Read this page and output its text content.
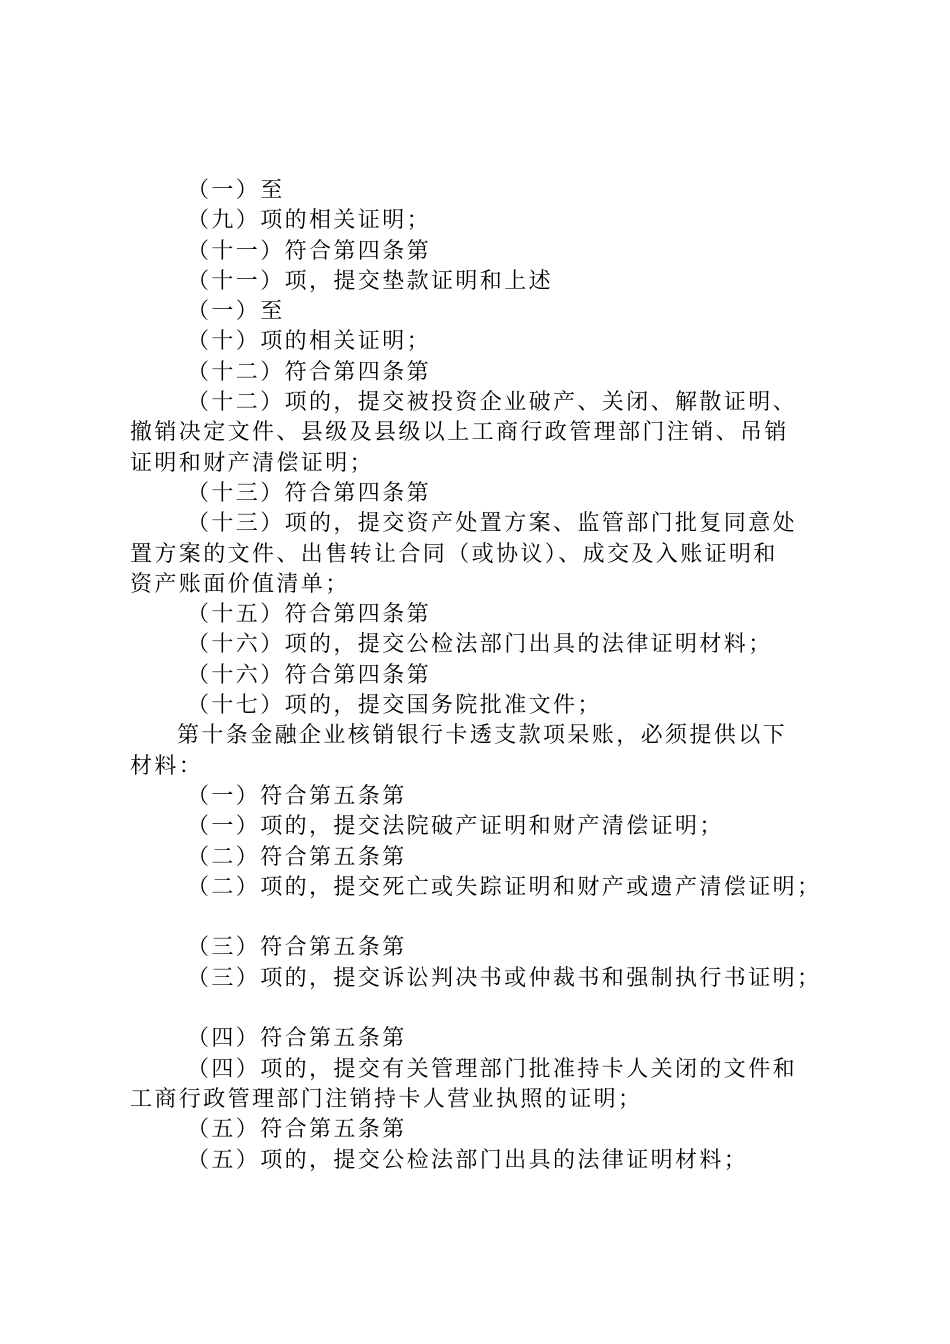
（一）至
（九）项的相关证明；
（十一）符合第四条第
（十一）项，提交垫款证明和上述
（一）至
（十）项的相关证明；
（十二）符合第四条第
（十二）项的，提交被投资企业破产、关闭、解散证明、
撤销决定文件、县级及县级以上工商行政管理部门注销、吊销
证明和财产清偿证明；
（十三）符合第四条第
（十三）项的，提交资产处置方案、监管部门批复同意处
置方案的文件、出售转让合同（或协议）、成交及入账证明和
资产账面价值清单；
（十五）符合第四条第
（十六）项的，提交公检法部门出具的法律证明材料；
（十六）符合第四条第
（十七）项的，提交国务院批准文件；
第十条金融企业核销银行卡透支款项呆账，必须提供以下
材料：
（一）符合第五条第
（一）项的，提交法院破产证明和财产清偿证明；
（二）符合第五条第
（二）项的，提交死亡或失踪证明和财产或遗产清偿证明；
（三）符合第五条第
（三）项的，提交诉讼判决书或仲裁书和强制执行书证明；
（四）符合第五条第
（四）项的，提交有关管理部门批准持卡人关闭的文件和
工商行政管理部门注销持卡人营业执照的证明；
（五）符合第五条第
（五）项的，提交公检法部门出具的法律证明材料；
